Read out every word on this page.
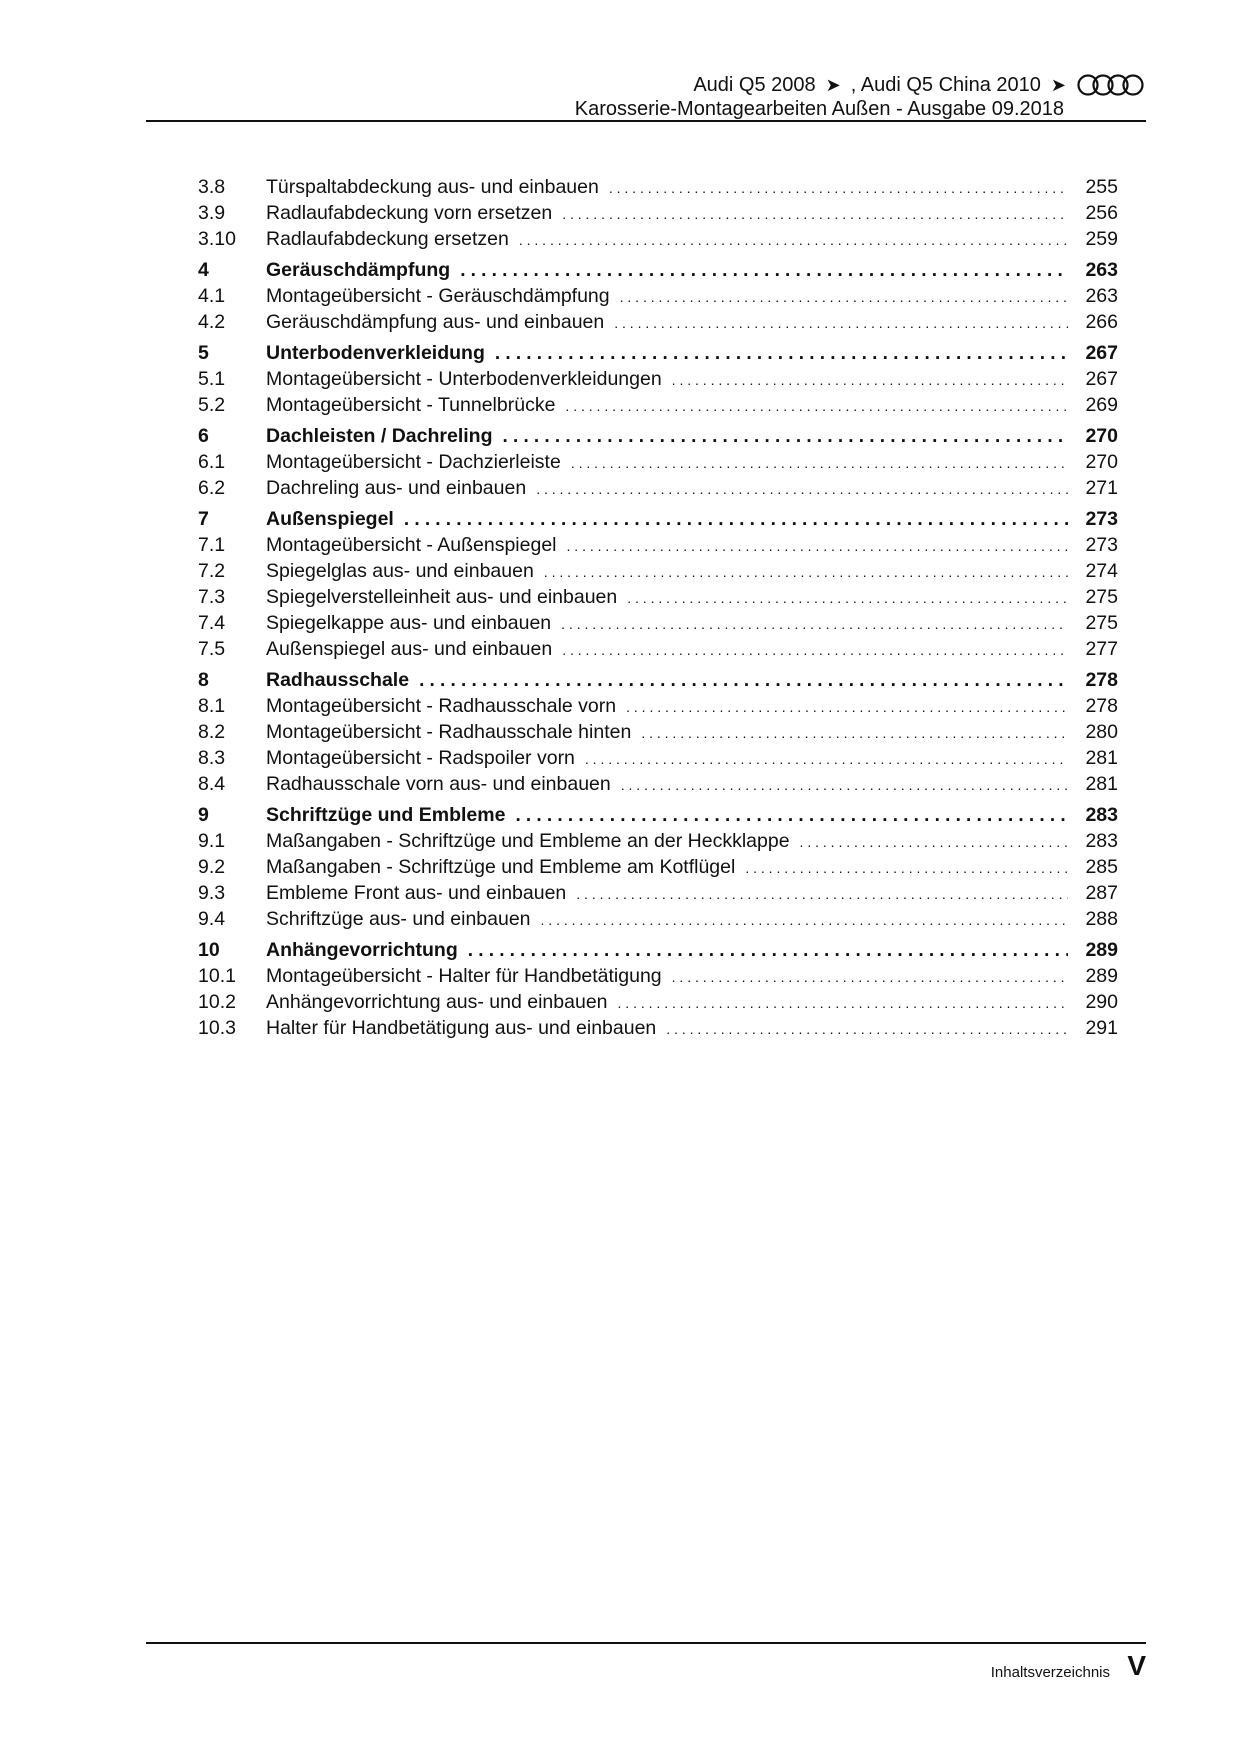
Audi Q5 2008 ➤ , Audi Q5 China 2010 ➤
Karosserie-Montagearbeiten Außen - Ausgabe 09.2018
3.8	Türspaltabdeckung aus- und einbauen . . .	255
3.9	Radlaufabdeckung vorn ersetzen . . .	256
3.10	Radlaufabdeckung ersetzen . . .	259
4	Geräuschdämpfung .....	263
4.1	Montageübersicht - Geräuschdämpfung . . .	263
4.2	Geräuschdämpfung aus- und einbauen . . .	266
5	Unterbodenverkleidung .....	267
5.1	Montageübersicht - Unterbodenverkleidungen . . .	267
5.2	Montageübersicht - Tunnelbrücke . . .	269
6	Dachleisten / Dachreling .....	270
6.1	Montageübersicht - Dachzierleiste . . .	270
6.2	Dachreling aus- und einbauen . . .	271
7	Außenspiegel .....	273
7.1	Montageübersicht - Außenspiegel . . .	273
7.2	Spiegelglas aus- und einbauen . . .	274
7.3	Spiegelverstelleinheit aus- und einbauen . . .	275
7.4	Spiegelkappe aus- und einbauen . . .	275
7.5	Außenspiegel aus- und einbauen . . .	277
8	Radhausschale .....	278
8.1	Montageübersicht - Radhausschale vorn . . .	278
8.2	Montageübersicht - Radhausschale hinten . . .	280
8.3	Montageübersicht - Radspoiler vorn . . .	281
8.4	Radhausschale vorn aus- und einbauen . . .	281
9	Schriftzüge und Embleme .....	283
9.1	Maßangaben - Schriftzüge und Embleme an der Heckklappe . . .	283
9.2	Maßangaben - Schriftzüge und Embleme am Kotflügel . . .	285
9.3	Embleme Front aus- und einbauen . . .	287
9.4	Schriftzüge aus- und einbauen . . .	288
10	Anhängevorrichtung .....	289
10.1	Montageübersicht - Halter für Handbetätigung . . .	289
10.2	Anhängevorrichtung aus- und einbauen . . .	290
10.3	Halter für Handbetätigung aus- und einbauen . . .	291
Inhaltsverzeichnis V
